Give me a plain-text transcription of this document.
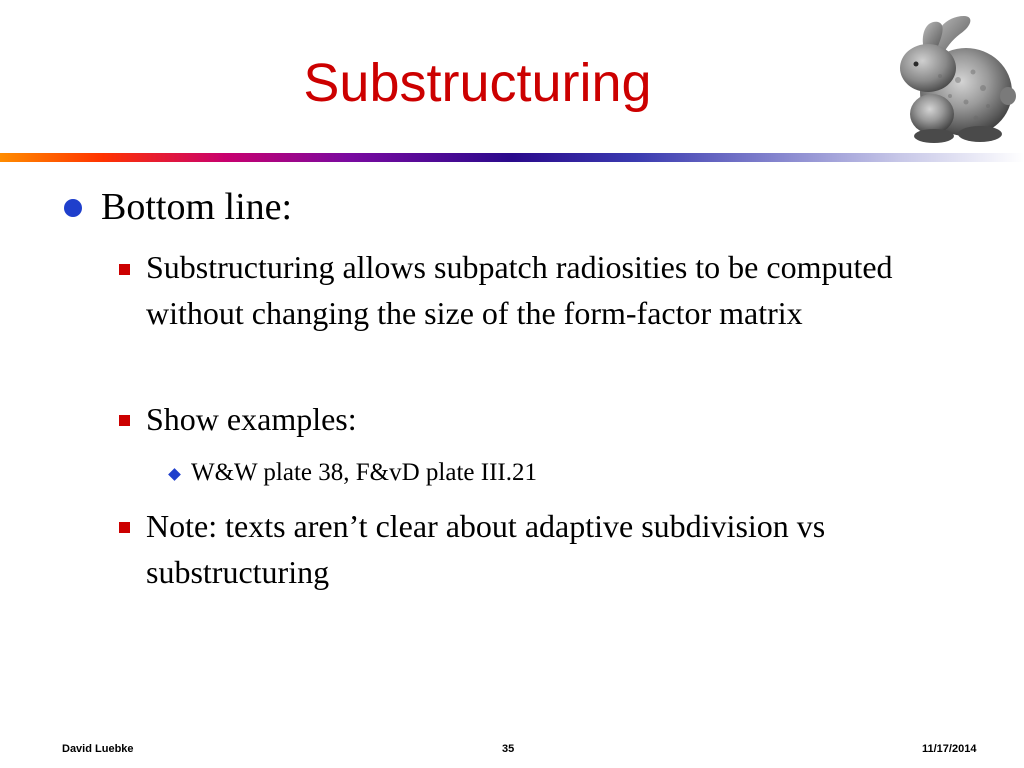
Substructuring
Bottom line:
Substructuring allows subpatch radiosities to be computed without changing the size of the form-factor matrix
Show examples:
W&W plate 38, F&vD plate III.21
Note: texts aren’t clear about adaptive subdivision vs substructuring
David Luebke	35	11/17/2014
